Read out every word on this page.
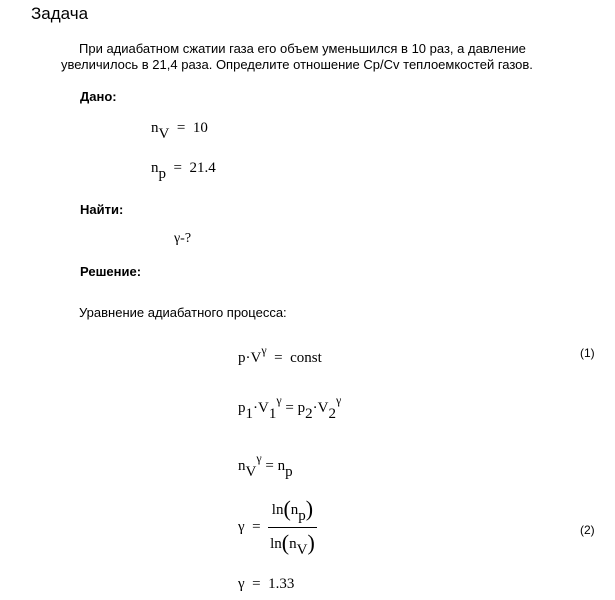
Задача
При адиабатном сжатии газа его объем уменьшился в 10 раз, а давление
увеличилось в 21,4 раза. Определите отношение Cp/Cv теплоемкостей газов.
Дано:
$n_V = 10$
$n_p = 21.4$
Найти:
γ-?
Решение:
Уравнение адиабатного процесса:
$p\cdot V^\gamma$ = const	(1)
$p_1\cdot V_1^\gamma = p_2\cdot V_2^\gamma$
$n_V^\gamma = n_p$
γ
=
$\frac{\ln(n_p)}{\ln(n_V)}$	(2)
γ = 1.33
